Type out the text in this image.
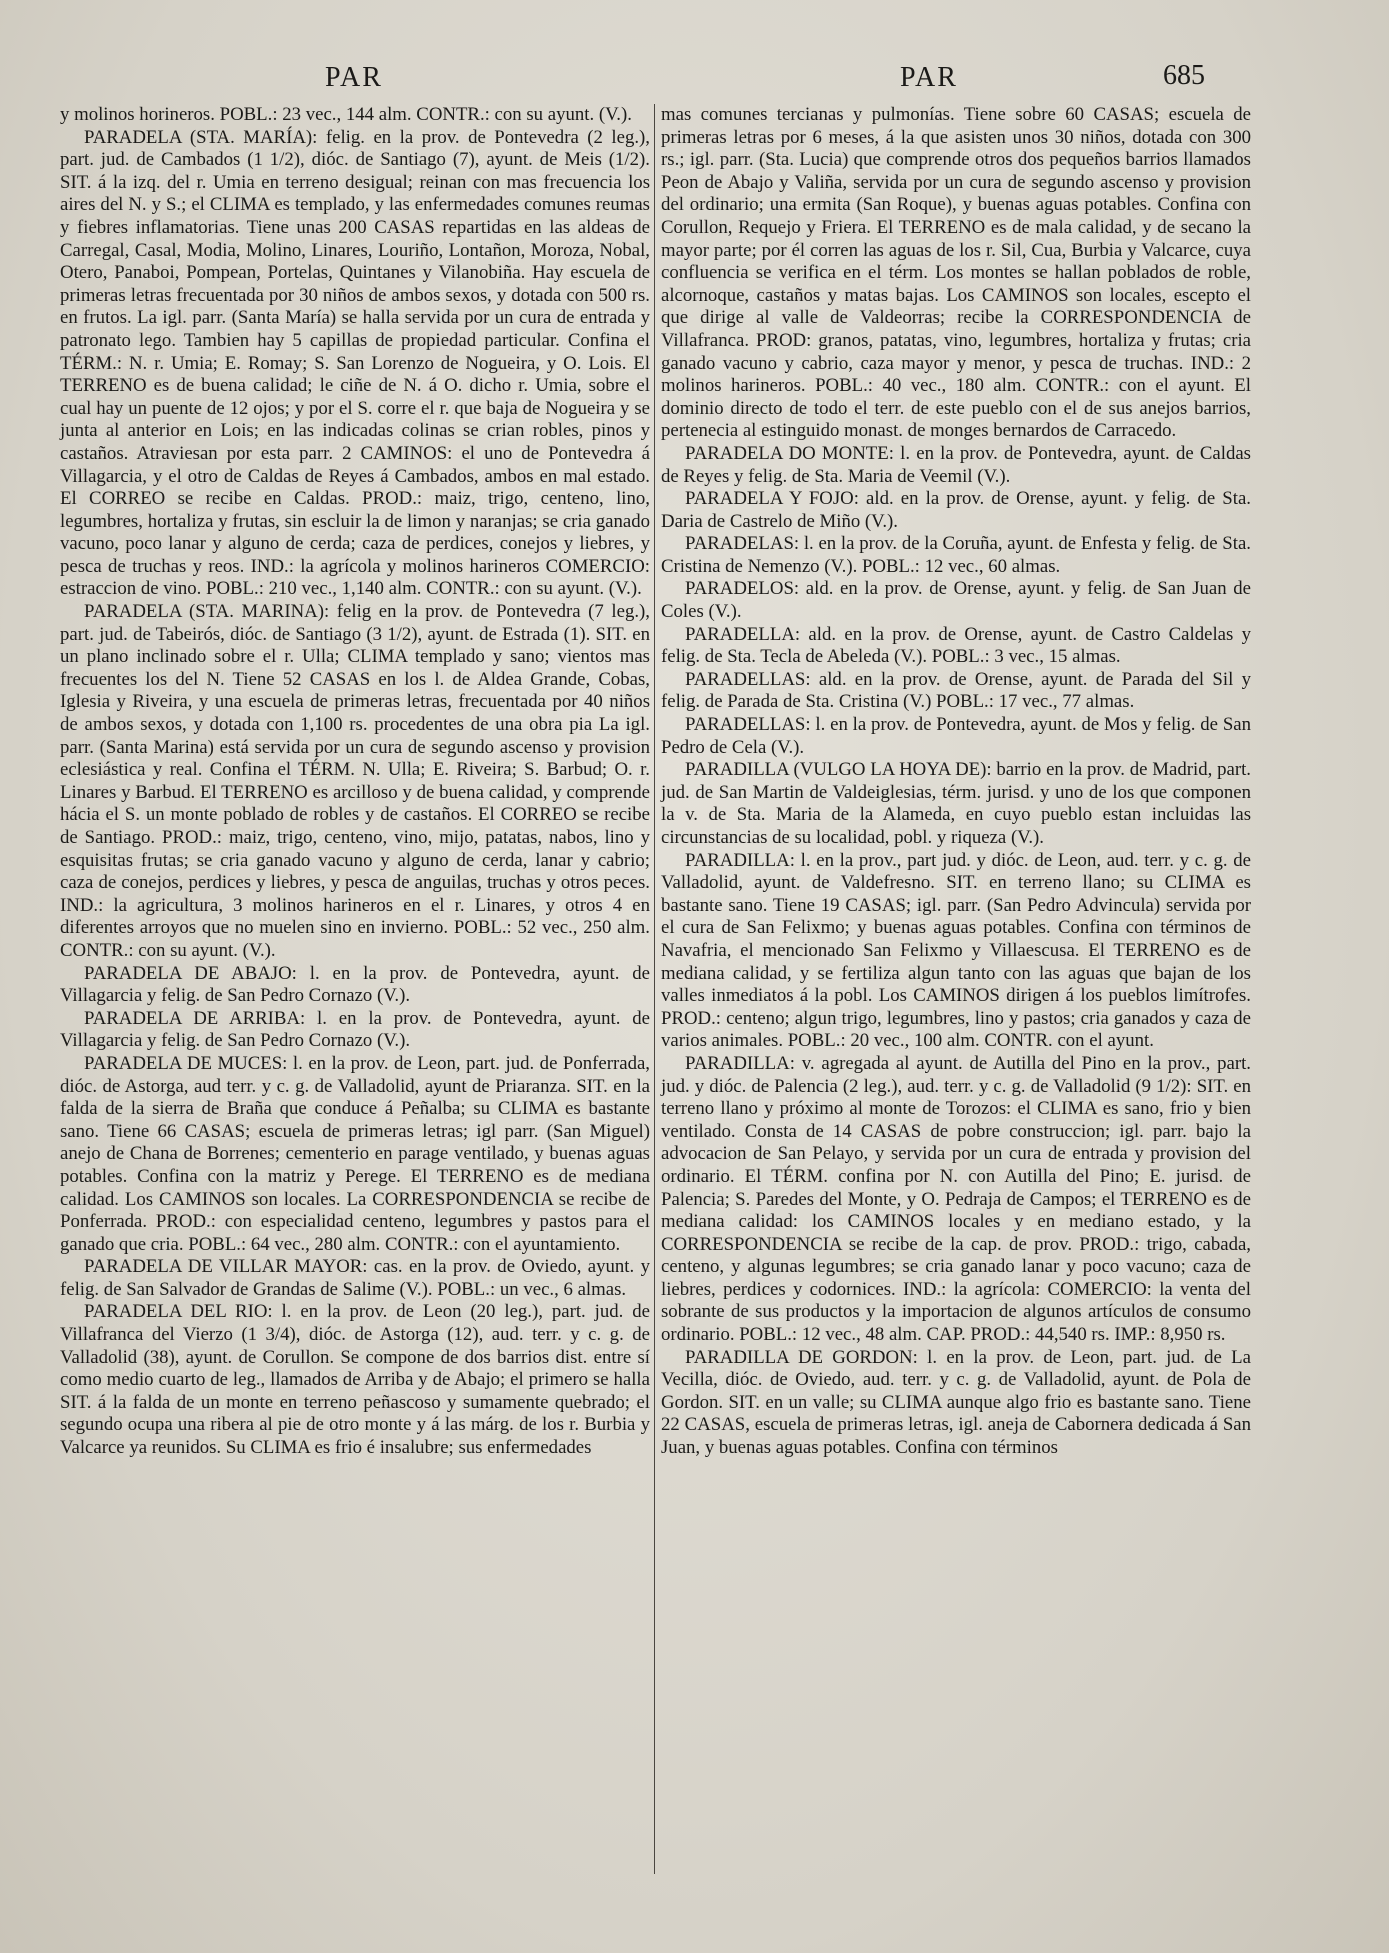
PAR	PAR	685

y molinos horineros. POBL.: 23 vec., 144 alm. CONTR.: con su ayunt. (V.).

PARADELA (STA. MARÍA): felig. en la prov. de Pontevedra (2 leg.), part. jud. de Cambados (1 1/2), dióc. de Santiago (7), ayunt. de Meis (1/2). SIT. á la izq. del r. Umia en terreno desigual; reinan con mas frecuencia los aires del N. y S.; el CLIMA es templado, y las enfermedades comunes reumas y fiebres inflamatorias. Tiene unas 200 CASAS repartidas en las aldeas de Carregal, Casal, Modia, Molino, Linares, Louriño, Lontañon, Moroza, Nobal, Otero, Panaboi, Pompean, Portelas, Quintanes y Vilanobiña. Hay escuela de primeras letras frecuentada por 30 niños de ambos sexos, y dotada con 500 rs. en frutos. La igl. parr. (Santa María) se halla servida por un cura de entrada y patronato lego. Tambien hay 5 capillas de propiedad particular. Confina el TÉRM.: N. r. Umia; E. Romay; S. San Lorenzo de Nogueira, y O. Lois. El TERRENO es de buena calidad; le ciñe de N. á O. dicho r. Umia, sobre el cual hay un puente de 12 ojos; y por el S. corre el r. que baja de Nogueira y se junta al anterior en Lois; en las indicadas colinas se crian robles, pinos y castaños. Atraviesan por esta parr. 2 CAMINOS: el uno de Pontevedra á Villagarcia, y el otro de Caldas de Reyes á Cambados, ambos en mal estado. El CORREO se recibe en Caldas. PROD.: maiz, trigo, centeno, lino, legumbres, hortaliza y frutas, sin escluir la de limon y naranjas; se cria ganado vacuno, poco lanar y alguno de cerda; caza de perdices, conejos y liebres, y pesca de truchas y reos. IND.: la agrícola y molinos harineros COMERCIO: estraccion de vino. POBL.: 210 vec., 1,140 alm. CONTR.: con su ayunt. (V.).

PARADELA (STA. MARINA): felig en la prov. de Pontevedra (7 leg.), part. jud. de Tabeirós, dióc. de Santiago (3 1/2), ayunt. de Estrada (1). SIT. en un plano inclinado sobre el r. Ulla; CLIMA templado y sano; vientos mas frecuentes los del N. Tiene 52 CASAS en los l. de Aldea Grande, Cobas, Iglesia y Riveira, y una escuela de primeras letras, frecuentada por 40 niños de ambos sexos, y dotada con 1,100 rs. procedentes de una obra pia La igl. parr. (Santa Marina) está servida por un cura de segundo ascenso y provision eclesiástica y real. Confina el TÉRM. N. Ulla; E. Riveira; S. Barbud; O. r. Linares y Barbud. El TERRENO es arcilloso y de buena calidad, y comprende hácia el S. un monte poblado de robles y de castaños. El CORREO se recibe de Santiago. PROD.: maiz, trigo, centeno, vino, mijo, patatas, nabos, lino y esquisitas frutas; se cria ganado vacuno y alguno de cerda, lanar y cabrio; caza de conejos, perdices y liebres, y pesca de anguilas, truchas y otros peces. IND.: la agricultura, 3 molinos harineros en el r. Linares, y otros 4 en diferentes arroyos que no muelen sino en invierno. POBL.: 52 vec., 250 alm. CONTR.: con su ayunt. (V.).

PARADELA DE ABAJO: l. en la prov. de Pontevedra, ayunt. de Villagarcia y felig. de San Pedro Cornazo (V.).

PARADELA DE ARRIBA: l. en la prov. de Pontevedra, ayunt. de Villagarcia y felig. de San Pedro Cornazo (V.).

PARADELA DE MUCES: l. en la prov. de Leon, part. jud. de Ponferrada, dióc. de Astorga, aud terr. y c. g. de Valladolid, ayunt de Priaranza. SIT. en la falda de la sierra de Braña que conduce á Peñalba; su CLIMA es bastante sano. Tiene 66 CASAS; escuela de primeras letras; igl parr. (San Miguel) anejo de Chana de Borrenes; cementerio en parage ventilado, y buenas aguas potables. Confina con la matriz y Perege. El TERRENO es de mediana calidad. Los CAMINOS son locales. La CORRESPONDENCIA se recibe de Ponferrada. PROD.: con especialidad centeno, legumbres y pastos para el ganado que cria. POBL.: 64 vec., 280 alm. CONTR.: con el ayuntamiento.

PARADELA DE VILLAR MAYOR: cas. en la prov. de Oviedo, ayunt. y felig. de San Salvador de Grandas de Salime (V.). POBL.: un vec., 6 almas.

PARADELA DEL RIO: l. en la prov. de Leon (20 leg.), part. jud. de Villafranca del Vierzo (1 3/4), dióc. de Astorga (12), aud. terr. y c. g. de Valladolid (38), ayunt. de Corullon. Se compone de dos barrios dist. entre sí como medio cuarto de leg., llamados de Arriba y de Abajo; el primero se halla SIT. á la falda de un monte en terreno peñascoso y sumamente quebrado; el segundo ocupa una ribera al pie de otro monte y á las márg. de los r. Burbia y Valcarce ya reunidos. Su CLIMA es frio é insalubre; sus enfermedades

mas comunes tercianas y pulmonías. Tiene sobre 60 CASAS; escuela de primeras letras por 6 meses, á la que asisten unos 30 niños, dotada con 300 rs.; igl. parr. (Sta. Lucia) que comprende otros dos pequeños barrios llamados Peon de Abajo y Valiña, servida por un cura de segundo ascenso y provision del ordinario; una ermita (San Roque), y buenas aguas potables. Confina con Corullon, Requejo y Friera. El TERRENO es de mala calidad, y de secano la mayor parte; por él corren las aguas de los r. Sil, Cua, Burbia y Valcarce, cuya confluencia se verifica en el térm. Los montes se hallan poblados de roble, alcornoque, castaños y matas bajas. Los CAMINOS son locales, escepto el que dirige al valle de Valdeorras; recibe la CORRESPONDENCIA de Villafranca. PROD: granos, patatas, vino, legumbres, hortaliza y frutas; cria ganado vacuno y cabrio, caza mayor y menor, y pesca de truchas. IND.: 2 molinos harineros. POBL.: 40 vec., 180 alm. CONTR.: con el ayunt. El dominio directo de todo el terr. de este pueblo con el de sus anejos barrios, pertenecia al estinguido monast. de monges bernardos de Carracedo.

PARADELA DO MONTE: l. en la prov. de Pontevedra, ayunt. de Caldas de Reyes y felig. de Sta. Maria de Veemil (V.).

PARADELA Y FOJO: ald. en la prov. de Orense, ayunt. y felig. de Sta. Daria de Castrelo de Miño (V.).

PARADELAS: l. en la prov. de la Coruña, ayunt. de Enfesta y felig. de Sta. Cristina de Nemenzo (V.). POBL.: 12 vec., 60 almas.

PARADELOS: ald. en la prov. de Orense, ayunt. y felig. de San Juan de Coles (V.).

PARADELLA: ald. en la prov. de Orense, ayunt. de Castro Caldelas y felig. de Sta. Tecla de Abeleda (V.). POBL.: 3 vec., 15 almas.

PARADELLAS: ald. en la prov. de Orense, ayunt. de Parada del Sil y felig. de Parada de Sta. Cristina (V.) POBL.: 17 vec., 77 almas.

PARADELLAS: l. en la prov. de Pontevedra, ayunt. de Mos y felig. de San Pedro de Cela (V.).

PARADILLA (VULGO LA HOYA DE): barrio en la prov. de Madrid, part. jud. de San Martin de Valdeiglesias, térm. jurisd. y uno de los que componen la v. de Sta. Maria de la Alameda, en cuyo pueblo estan incluidas las circunstancias de su localidad, pobl. y riqueza (V.).

PARADILLA: l. en la prov., part jud. y dióc. de Leon, aud. terr. y c. g. de Valladolid, ayunt. de Valdefresno. SIT. en terreno llano; su CLIMA es bastante sano. Tiene 19 CASAS; igl. parr. (San Pedro Advincula) servida por el cura de San Felixmo; y buenas aguas potables. Confina con términos de Navafria, el mencionado San Felixmo y Villaescusa. El TERRENO es de mediana calidad, y se fertiliza algun tanto con las aguas que bajan de los valles inmediatos á la pobl. Los CAMINOS dirigen á los pueblos limítrofes. PROD.: centeno; algun trigo, legumbres, lino y pastos; cria ganados y caza de varios animales. POBL.: 20 vec., 100 alm. CONTR. con el ayunt.

PARADILLA: v. agregada al ayunt. de Autilla del Pino en la prov., part. jud. y dióc. de Palencia (2 leg.), aud. terr. y c. g. de Valladolid (9 1/2): SIT. en terreno llano y próximo al monte de Torozos: el CLIMA es sano, frio y bien ventilado. Consta de 14 CASAS de pobre construccion; igl. parr. bajo la advocacion de San Pelayo, y servida por un cura de entrada y provision del ordinario. El TÉRM. confina por N. con Autilla del Pino; E. jurisd. de Palencia; S. Paredes del Monte, y O. Pedraja de Campos; el TERRENO es de mediana calidad: los CAMINOS locales y en mediano estado, y la CORRESPONDENCIA se recibe de la cap. de prov. PROD.: trigo, cabada, centeno, y algunas legumbres; se cria ganado lanar y poco vacuno; caza de liebres, perdices y codornices. IND.: la agrícola: COMERCIO: la venta del sobrante de sus productos y la importacion de algunos artículos de consumo ordinario. POBL.: 12 vec., 48 alm. CAP. PROD.: 44,540 rs. IMP.: 8,950 rs.

PARADILLA DE GORDON: l. en la prov. de Leon, part. jud. de La Vecilla, dióc. de Oviedo, aud. terr. y c. g. de Valladolid, ayunt. de Pola de Gordon. SIT. en un valle; su CLIMA aunque algo frio es bastante sano. Tiene 22 CASAS, escuela de primeras letras, igl. aneja de Cabornera dedicada á San Juan, y buenas aguas potables. Confina con términos
